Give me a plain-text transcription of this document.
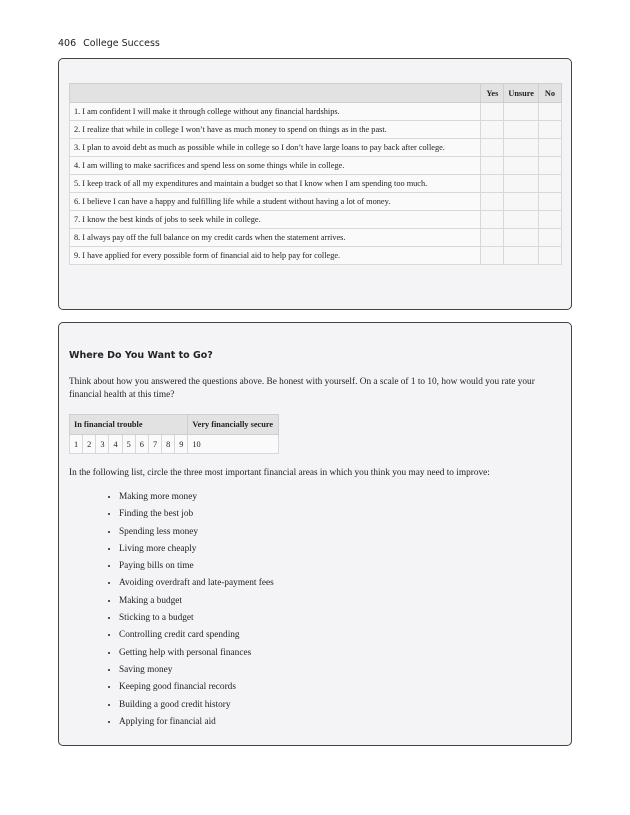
406 College Success
	Yes	Unsure	No
1. I am confident I will make it through college without any financial hardships.			
2. I realize that while in college I won’t have as much money to spend on things as in the past.			
3. I plan to avoid debt as much as possible while in college so I don’t have large loans to pay back after college.			
4. I am willing to make sacrifices and spend less on some things while in college.			
5. I keep track of all my expenditures and maintain a budget so that I know when I am spending too much.			
6. I believe I can have a happy and fulfilling life while a student without having a lot of money.			
7. I know the best kinds of jobs to seek while in college.			
8. I always pay off the full balance on my credit cards when the statement arrives.			
9. I have applied for every possible form of financial aid to help pay for college.			
Where Do You Want to Go?

Think about how you answered the questions above. Be honest with yourself. On a scale of 1 to 10, how would you rate your financial health at this time?

In financial trouble									Very financially secure
1	2	3	4	5	6	7	8	9	10

In the following list, circle the three most important financial areas in which you think you may need to improve:

• Making more money
• Finding the best job
• Spending less money
• Living more cheaply
• Paying bills on time
• Avoiding overdraft and late-payment fees
• Making a budget
• Sticking to a budget
• Controlling credit card spending
• Getting help with personal finances
• Saving money
• Keeping good financial records
• Building a good credit history
• Applying for financial aid
